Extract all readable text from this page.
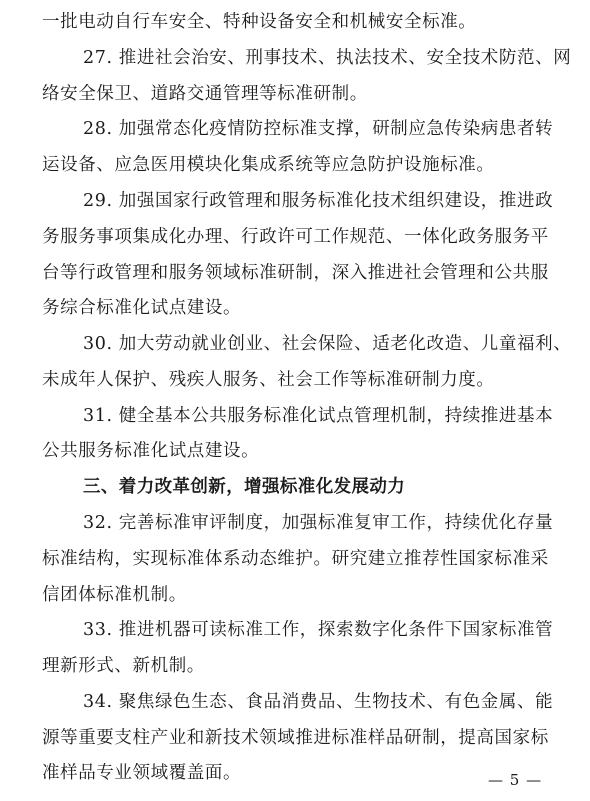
一批电动自行车安全、特种设备安全和机械安全标准。
27. 推进社会治安、刑事技术、执法技术、安全技术防范、网
络安全保卫、道路交通管理等标准研制。
28. 加强常态化疫情防控标准支撑，研制应急传染病患者转
运设备、应急医用模块化集成系统等应急防护设施标准。
29. 加强国家行政管理和服务标准化技术组织建设，推进政
务服务事项集成化办理、行政许可工作规范、一体化政务服务平
台等行政管理和服务领域标准研制，深入推进社会管理和公共服
务综合标准化试点建设。
30. 加大劳动就业创业、社会保险、适老化改造、儿童福利、
未成年人保护、残疾人服务、社会工作等标准研制力度。
31. 健全基本公共服务标准化试点管理机制，持续推进基本
公共服务标准化试点建设。
三、着力改革创新，增强标准化发展动力
32. 完善标准审评制度，加强标准复审工作，持续优化存量
标准结构，实现标准体系动态维护。研究建立推荐性国家标准采
信团体标准机制。
33. 推进机器可读标准工作，探索数字化条件下国家标准管
理新形式、新机制。
34. 聚焦绿色生态、食品消费品、生物技术、有色金属、能
源等重要支柱产业和新技术领域推进标准样品研制，提高国家标
准样品专业领域覆盖面。	— 5 —
